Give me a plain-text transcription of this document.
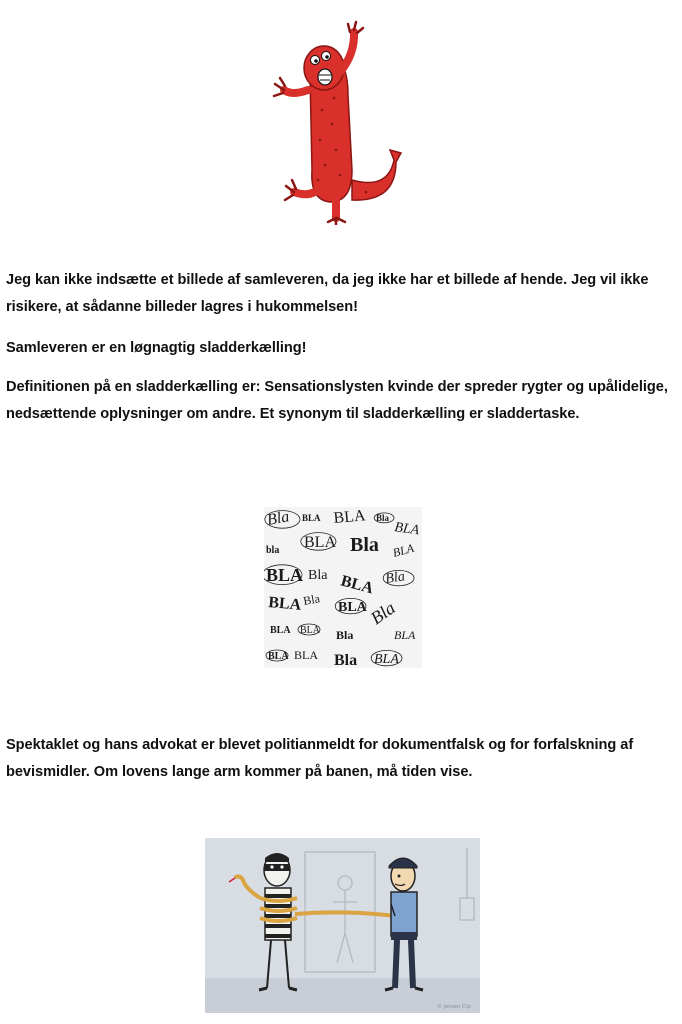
Jeg kan ikke indsætte et billede af samleveren, da jeg ikke har et billede af hende. Jeg vil ikke risikere, at sådanne billeder lagres i hukommelsen!

Samleveren er en løgnagtig sladderkælling!

Definitionen på en sladderkælling er: Sensationslysten kvinde der spreder rygter og upålidelige, nedsættende oplysninger om andre. Et synonym til sladderkælling er sladdertaske.

Bla BLA BLA Bla
BLA
bla BLA Bla BLA
BLA Bla BLA Bla
BLA Bla BLA Bla
BLA BLA Bla	BLA
BLA BLA Bla BLA

Spektaklet og hans advokat er blevet politianmeldt for dokumentfalsk og for forfalskning af bevismidler. Om lovens lange arm kommer på banen, må tiden vise.

© Jensen Clip
